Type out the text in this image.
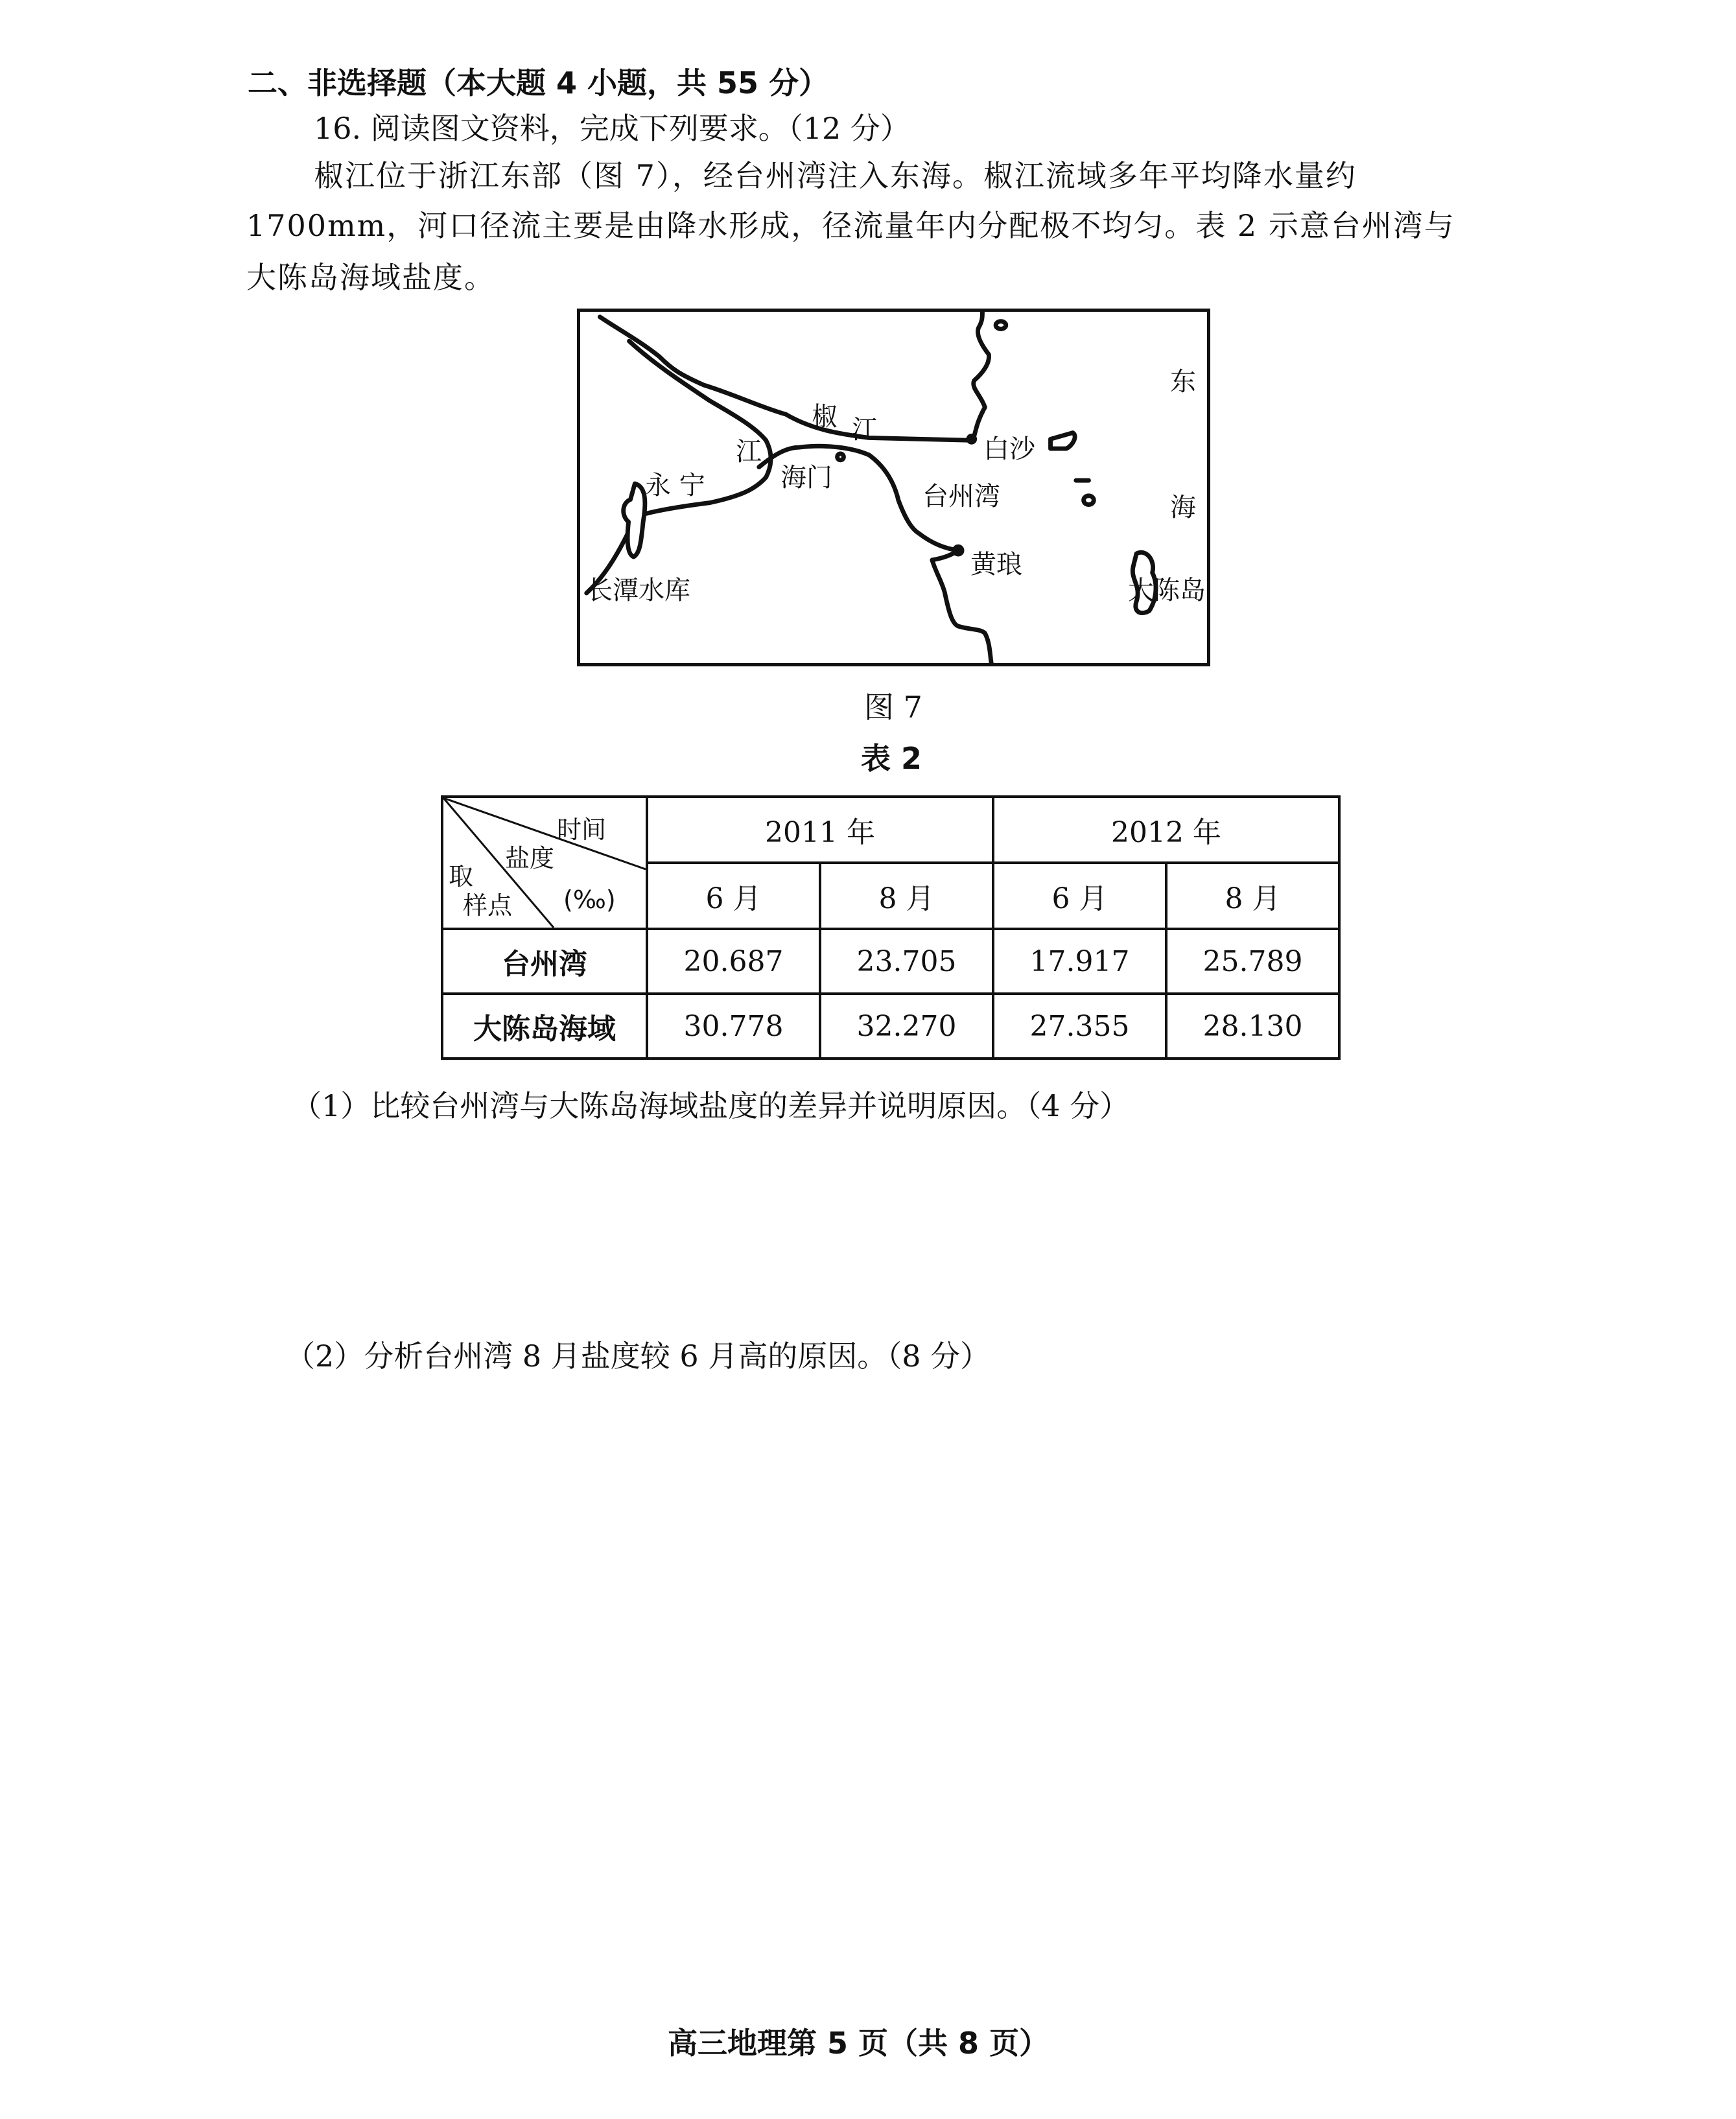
二、非选择题（本大题 4 小题，共 55 分）
16. 阅读图文资料，完成下列要求。（12 分）
椒江位于浙江东部（图 7），经台州湾注入东海。椒江流域多年平均降水量约
1700mm，河口径流主要是由降水形成，径流量年内分配极不均匀。表 2 示意台州湾与
大陈岛海域盐度。
椒 江
江
永 宁	海门
白沙
台州湾
黄琅
长潭水库
东
海
大陈岛
图 7
表 2
时间
盐度
(‰)
取
样点	2011 年		2012 年	
	6 月	8 月	6 月	8 月
台州湾	20.687	23.705	17.917	25.789
大陈岛海域	30.778	32.270	27.355	28.130
（1）比较台州湾与大陈岛海域盐度的差异并说明原因。（4 分）
（2）分析台州湾 8 月盐度较 6 月高的原因。（8 分）
高三地理第 5 页（共 8 页）
